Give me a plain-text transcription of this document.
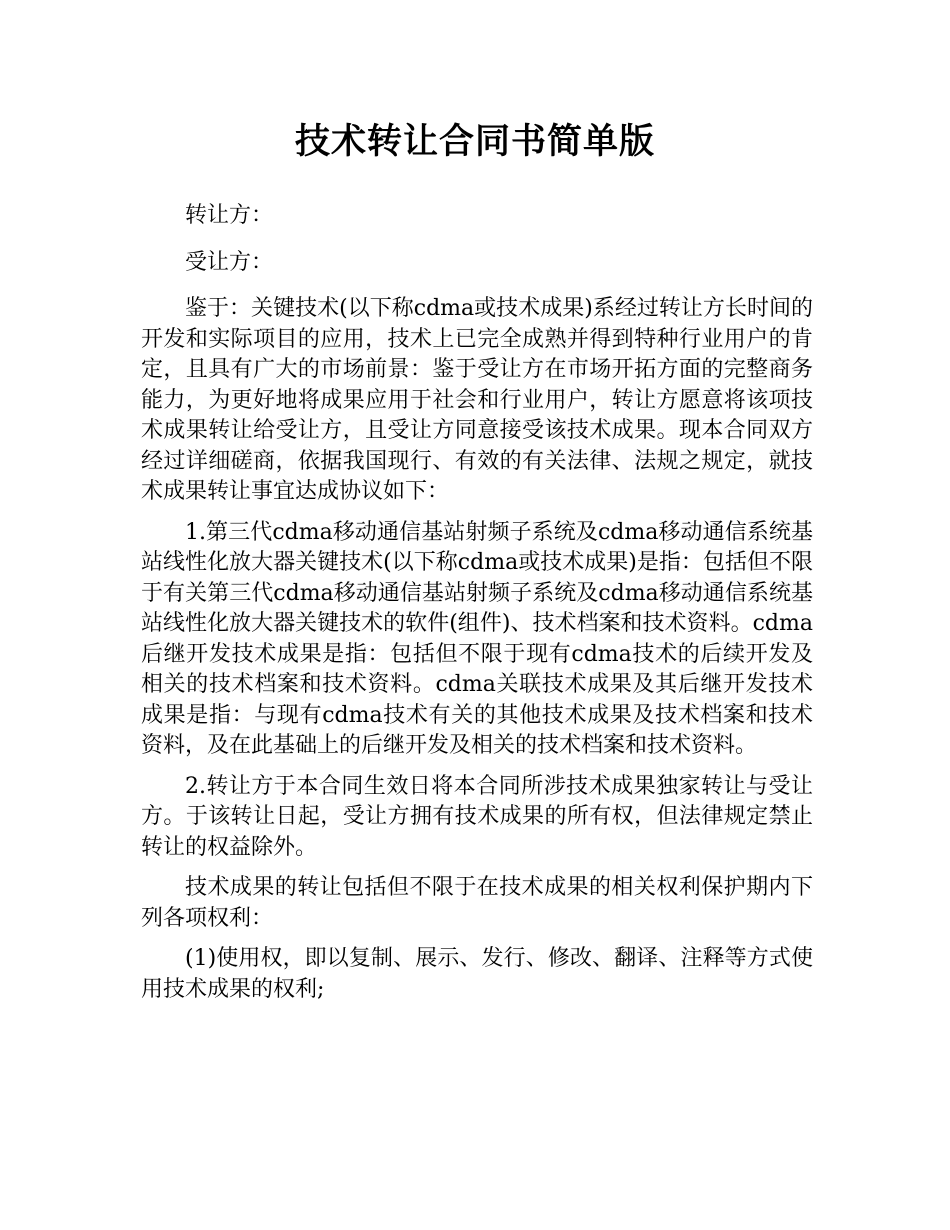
技术转让合同书简单版

转让方：

受让方：

鉴于：关键技术(以下称cdma或技术成果)系经过转让方长时间的开发和实际项目的应用，技术上已完全成熟并得到特种行业用户的肯定，且具有广大的市场前景：鉴于受让方在市场开拓方面的完整商务能力，为更好地将成果应用于社会和行业用户，转让方愿意将该项技术成果转让给受让方，且受让方同意接受该技术成果。现本合同双方经过详细磋商，依据我国现行、有效的有关法律、法规之规定，就技术成果转让事宜达成协议如下：

1.第三代cdma移动通信基站射频子系统及cdma移动通信系统基站线性化放大器关键技术(以下称cdma或技术成果)是指：包括但不限于有关第三代cdma移动通信基站射频子系统及cdma移动通信系统基站线性化放大器关键技术的软件(组件)、技术档案和技术资料。cdma后继开发技术成果是指：包括但不限于现有cdma技术的后续开发及相关的技术档案和技术资料。cdma关联技术成果及其后继开发技术成果是指：与现有cdma技术有关的其他技术成果及技术档案和技术资料，及在此基础上的后继开发及相关的技术档案和技术资料。

2.转让方于本合同生效日将本合同所涉技术成果独家转让与受让方。于该转让日起，受让方拥有技术成果的所有权，但法律规定禁止转让的权益除外。

技术成果的转让包括但不限于在技术成果的相关权利保护期内下列各项权利：

(1)使用权，即以复制、展示、发行、修改、翻译、注释等方式使用技术成果的权利;
